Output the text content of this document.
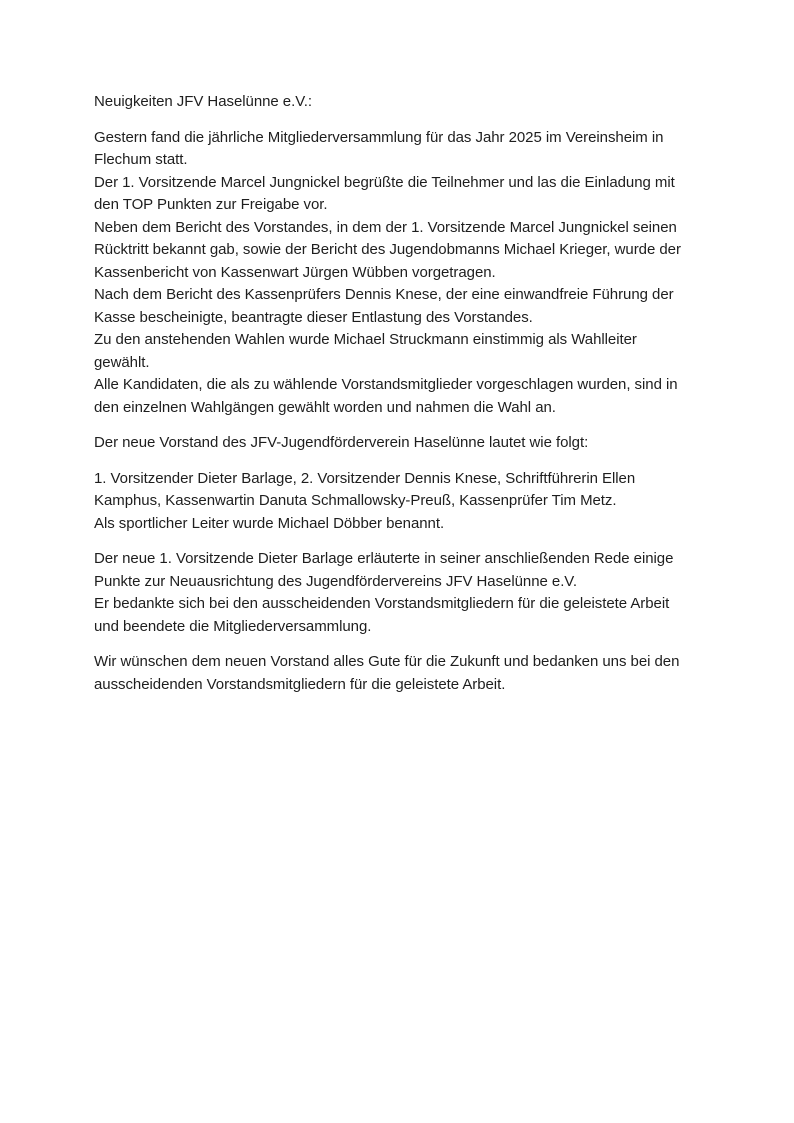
Neuigkeiten JFV Haselünne e.V.:
Gestern fand die jährliche Mitgliederversammlung für das Jahr 2025 im Vereinsheim in
Flechum statt.
Der 1. Vorsitzende Marcel Jungnickel begrüßte die Teilnehmer und las die Einladung mit
den TOP Punkten zur Freigabe vor.
Neben dem Bericht des Vorstandes, in dem der 1. Vorsitzende Marcel Jungnickel seinen
Rücktritt bekannt gab, sowie der Bericht des Jugendobmanns Michael Krieger, wurde der
Kassenbericht von Kassenwart Jürgen Wübben vorgetragen.
Nach dem Bericht des Kassenprüfers Dennis Knese, der eine einwandfreie Führung der
Kasse bescheinigte, beantragte dieser Entlastung des Vorstandes.
Zu den anstehenden Wahlen wurde Michael Struckmann einstimmig als Wahlleiter
gewählt.
Alle Kandidaten, die als zu wählende Vorstandsmitglieder vorgeschlagen wurden, sind in
den einzelnen Wahlgängen gewählt worden und nahmen die Wahl an.
Der neue Vorstand des JFV-Jugendförderverein Haselünne lautet wie folgt:
1. Vorsitzender Dieter Barlage, 2. Vorsitzender Dennis Knese, Schriftführerin Ellen
Kamphus, Kassenwartin Danuta Schmallowsky-Preuß, Kassenprüfer Tim Metz.
Als sportlicher Leiter wurde Michael Döbber benannt.
Der neue 1. Vorsitzende Dieter Barlage erläuterte in seiner anschließenden Rede einige
Punkte zur Neuausrichtung des Jugendfördervereins JFV Haselünne e.V.
Er bedankte sich bei den ausscheidenden Vorstandsmitgliedern für die geleistete Arbeit
und beendete die Mitgliederversammlung.
Wir wünschen dem neuen Vorstand alles Gute für die Zukunft und bedanken uns bei den
ausscheidenden Vorstandsmitgliedern für die geleistete Arbeit.
